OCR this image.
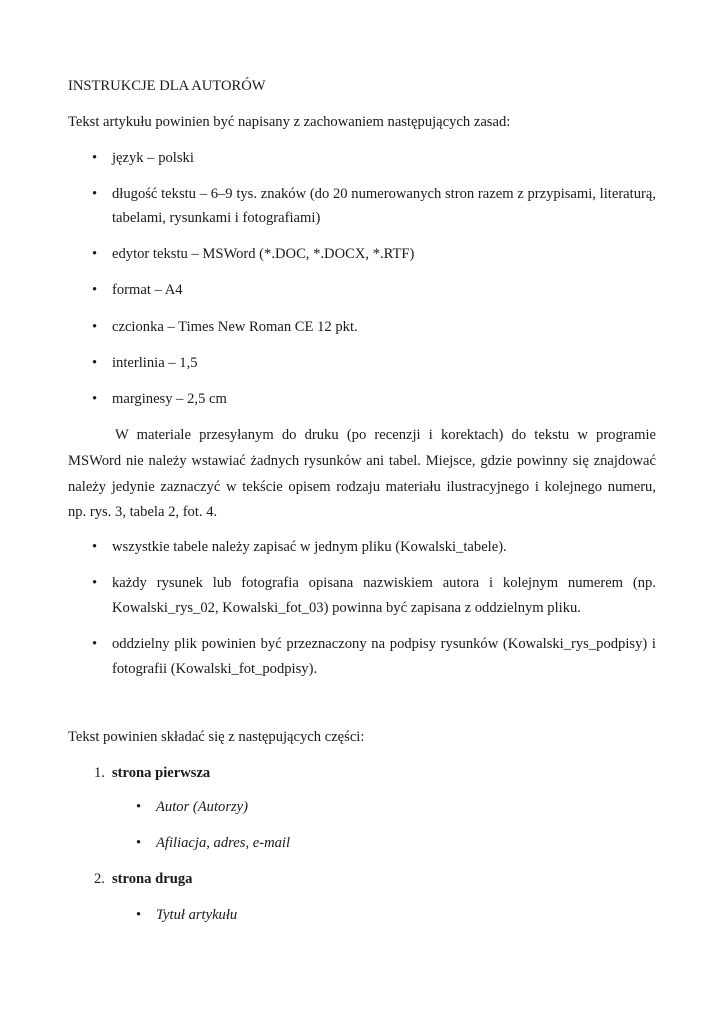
INSTRUKCJE DLA AUTORÓW
Tekst artykułu powinien być napisany z zachowaniem następujących zasad:
• język – polski
• długość tekstu – 6–9 tys. znaków (do 20 numerowanych stron razem z przypisami, literaturą,
tabelami, rysunkami i fotografiami)
• edytor tekstu – MSWord (*.DOC, *.DOCX, *.RTF)
• format – A4
• czcionka – Times New Roman CE 12 pkt.
• interlinia – 1,5
• marginesy – 2,5 cm
W materiale przesyłanym do druku (po recenzji i korektach) do tekstu w programie
MSWord nie należy wstawiać żadnych rysunków ani tabel. Miejsce, gdzie powinny się znajdować
należy jedynie zaznaczyć w tekście opisem rodzaju materiału ilustracyjnego i kolejnego numeru,
np. rys. 3, tabela 2, fot. 4.
• wszystkie tabele należy zapisać w jednym pliku (Kowalski_tabele).
• każdy rysunek lub fotografia opisana nazwiskiem autora i kolejnym numerem (np.
Kowalski_rys_02, Kowalski_fot_03) powinna być zapisana z oddzielnym pliku.
• oddzielny plik powinien być przeznaczony na podpisy rysunków (Kowalski_rys_podpisy) i
fotografii (Kowalski_fot_podpisy).
Tekst powinien składać się z następujących części:
1. strona pierwsza
• Autor (Autorzy)
• Afiliacja, adres, e-mail
2. strona druga
• Tytuł artykułu
